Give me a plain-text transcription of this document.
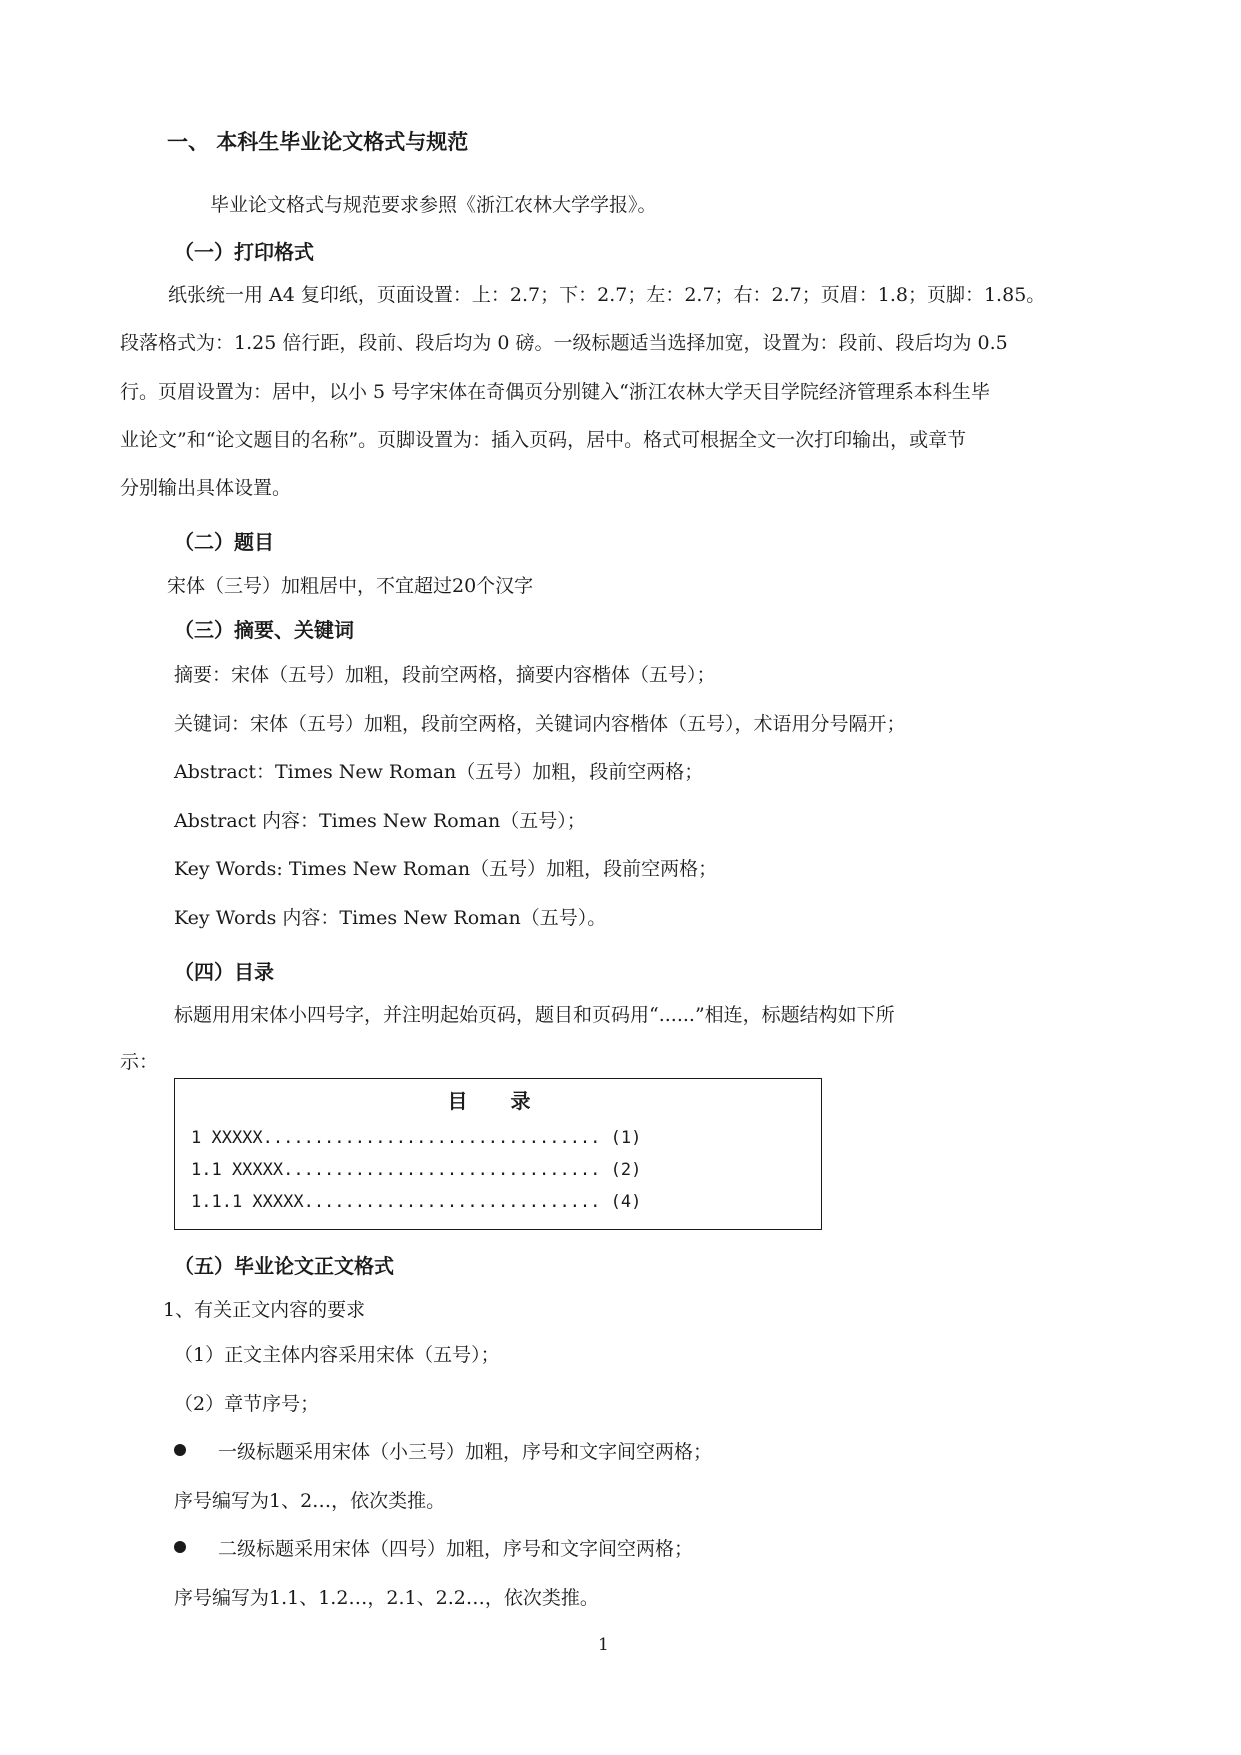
一、 本科生毕业论文格式与规范
毕业论文格式与规范要求参照《浙江农林大学学报》。
（一）打印格式
纸张统一用 A4 复印纸，页面设置：上：2.7；下：2.7；左：2.7；右：2.7；页眉：1.8；页脚：1.85。
段落格式为：1.25 倍行距，段前、段后均为 0 磅。一级标题适当选择加宽，设置为：段前、段后均为 0.5
行。页眉设置为：居中，以小 5 号字宋体在奇偶页分别键入“浙江农林大学天目学院经济管理系本科生毕
业论文”和“论文题目的名称”。页脚设置为：插入页码，居中。格式可根据全文一次打印输出，或章节
分别输出具体设置。
（二）题目
宋体（三号）加粗居中，不宜超过20个汉字
（三）摘要、关键词
摘要：宋体（五号）加粗，段前空两格，摘要内容楷体（五号）；
关键词：宋体（五号）加粗，段前空两格，关键词内容楷体（五号），术语用分号隔开；
Abstract：Times New Roman（五号）加粗，段前空两格；
Abstract 内容：Times New Roman（五号）；
Key Words: Times New Roman（五号）加粗，段前空两格；
Key Words 内容：Times New Roman（五号）。
（四）目录
标题用用宋体小四号字，并注明起始页码，题目和页码用“......”相连，标题结构如下所
示：
目 录
1 XXXXX................................. (1)
1.1 XXXXX............................... (2)
1.1.1 XXXXX............................. (4)
（五）毕业论文正文格式
1、有关正文内容的要求
（1）正文主体内容采用宋体（五号）；
（2）章节序号；
一级标题采用宋体（小三号）加粗，序号和文字间空两格；
序号编写为1、2…，依次类推。
二级标题采用宋体（四号）加粗，序号和文字间空两格；
序号编写为1.1、1.2…，2.1、2.2…，依次类推。
1
